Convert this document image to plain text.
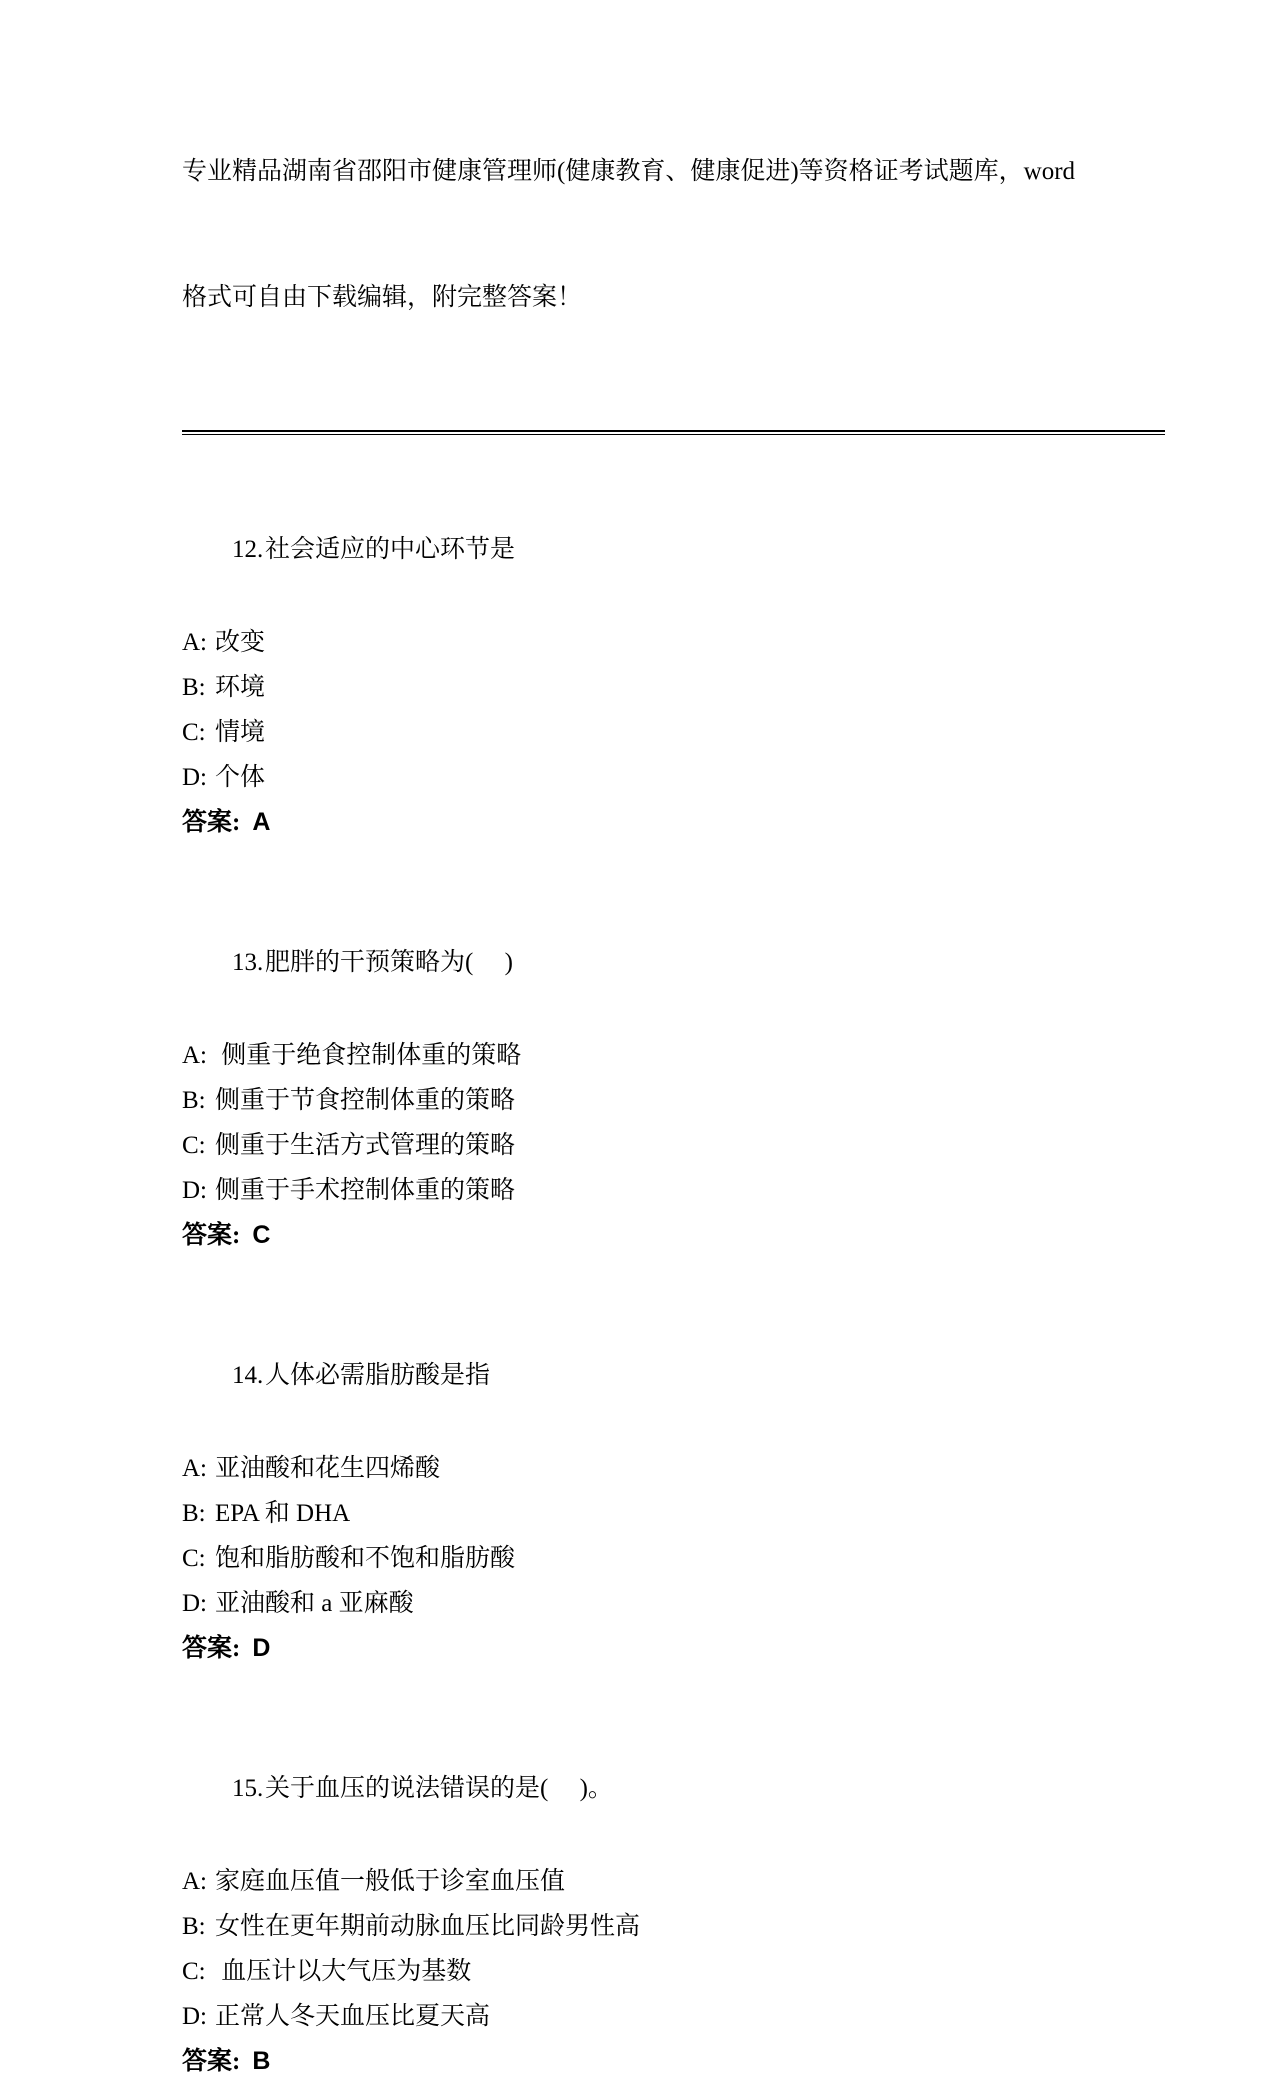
专业精品湖南省邵阳市健康管理师(健康教育、健康促进)等资格证考试题库，word

格式可自由下载编辑，附完整答案！

12.社会适应的中心环节是

A: 改变
B: 环境
C: 情境
D: 个体
答案: A

13.肥胖的干预策略为(     )

A: 侧重于绝食控制体重的策略
B: 侧重于节食控制体重的策略
C: 侧重于生活方式管理的策略
D: 侧重于手术控制体重的策略
答案: C

14.人体必需脂肪酸是指

A: 亚油酸和花生四烯酸
B: EPA 和 DHA
C: 饱和脂肪酸和不饱和脂肪酸
D: 亚油酸和 a 亚麻酸
答案: D

15.关于血压的说法错误的是(     )。

A: 家庭血压值一般低于诊室血压值
B: 女性在更年期前动脉血压比同龄男性高
C: 血压计以大气压为基数
D: 正常人冬天血压比夏天高
答案: B
